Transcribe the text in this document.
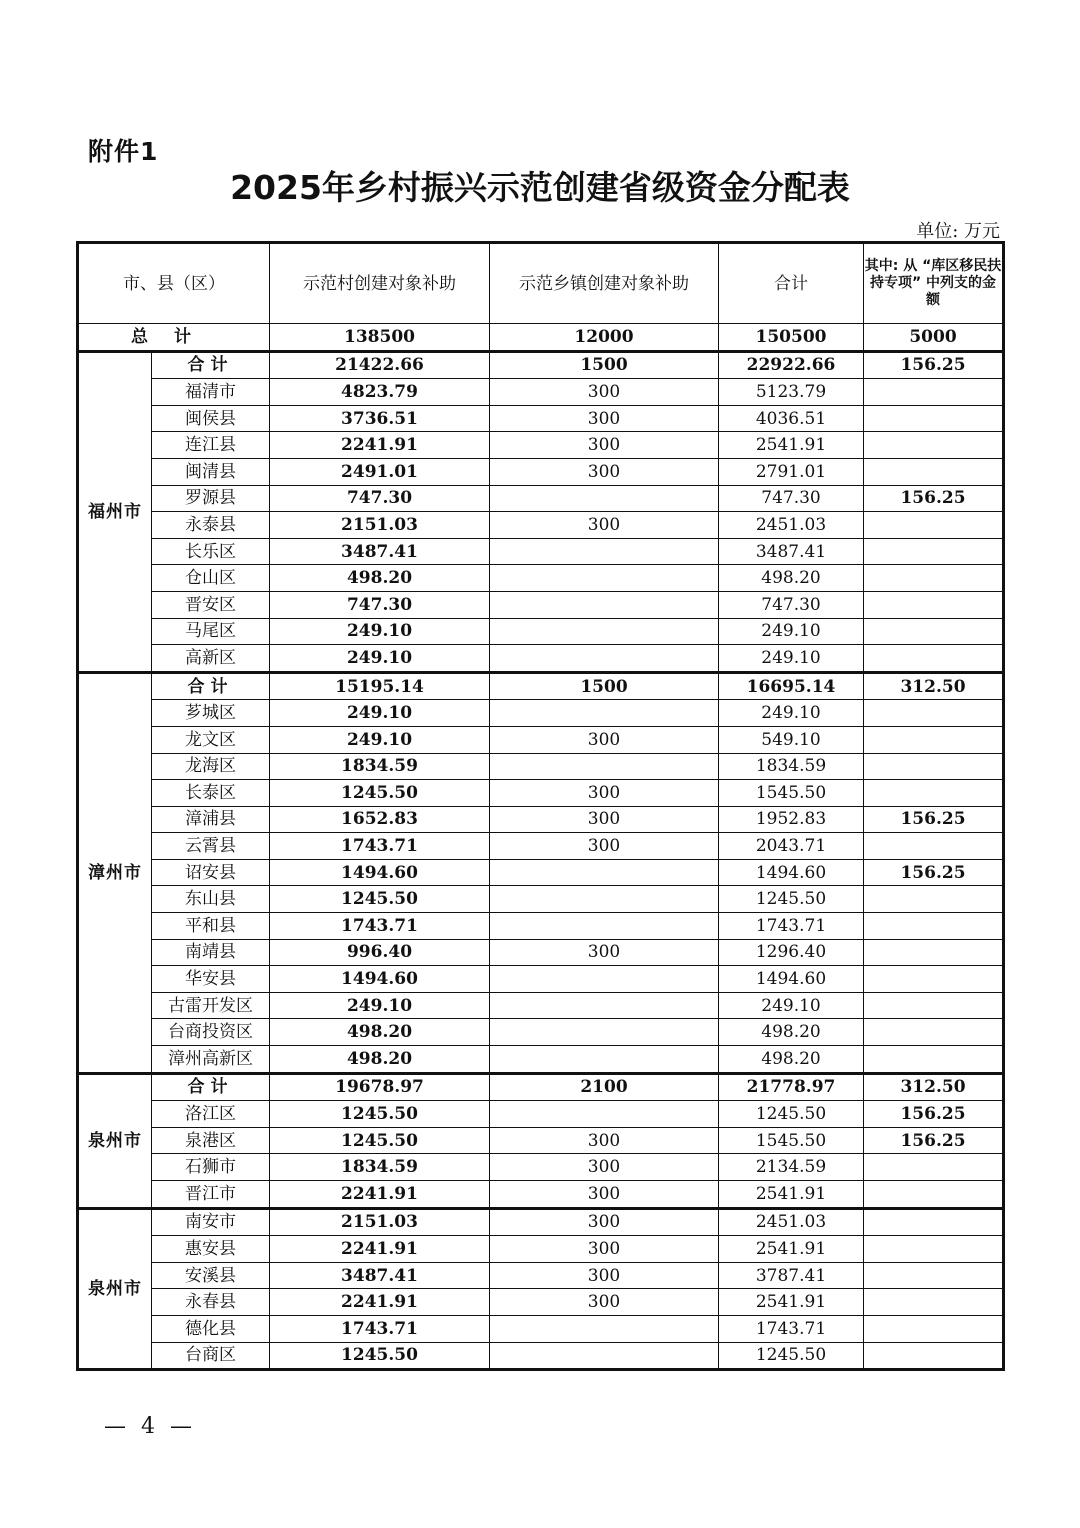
附件1
2025年乡村振兴示范创建省级资金分配表
单位: 万元
市、县（区）		示范村创建对象补助	示范乡镇创建对象补助	合计	其中: 从 “库区移民扶持专项” 中列支的金额
总计		138500	12000	150500	5000
福州市	合计	21422.66	1500	22922.66	156.25
	福清市	4823.79	300	5123.79	
	闽侯县	3736.51	300	4036.51	
	连江县	2241.91	300	2541.91	
	闽清县	2491.01	300	2791.01	
	罗源县	747.30		747.30	156.25
	永泰县	2151.03	300	2451.03	
	长乐区	3487.41		3487.41	
	仓山区	498.20		498.20	
	晋安区	747.30		747.30	
	马尾区	249.10		249.10	
	高新区	249.10		249.10	
漳州市	合计	15195.14	1500	16695.14	312.50
	芗城区	249.10		249.10	
	龙文区	249.10	300	549.10	
	龙海区	1834.59		1834.59	
	长泰区	1245.50	300	1545.50	
	漳浦县	1652.83	300	1952.83	156.25
	云霄县	1743.71	300	2043.71	
	诏安县	1494.60		1494.60	156.25
	东山县	1245.50		1245.50	
	平和县	1743.71		1743.71	
	南靖县	996.40	300	1296.40	
	华安县	1494.60		1494.60	
	古雷开发区	249.10		249.10	
	台商投资区	498.20		498.20	
	漳州高新区	498.20		498.20	
泉州市	合计	19678.97	2100	21778.97	312.50
	洛江区	1245.50		1245.50	156.25
	泉港区	1245.50	300	1545.50	156.25
	石狮市	1834.59	300	2134.59	
	晋江市	2241.91	300	2541.91	
泉州市	南安市	2151.03	300	2451.03	
	惠安县	2241.91	300	2541.91	
	安溪县	3487.41	300	3787.41	
	永春县	2241.91	300	2541.91	
	德化县	1743.71		1743.71	
	台商区	1245.50		1245.50	
— 4 —
